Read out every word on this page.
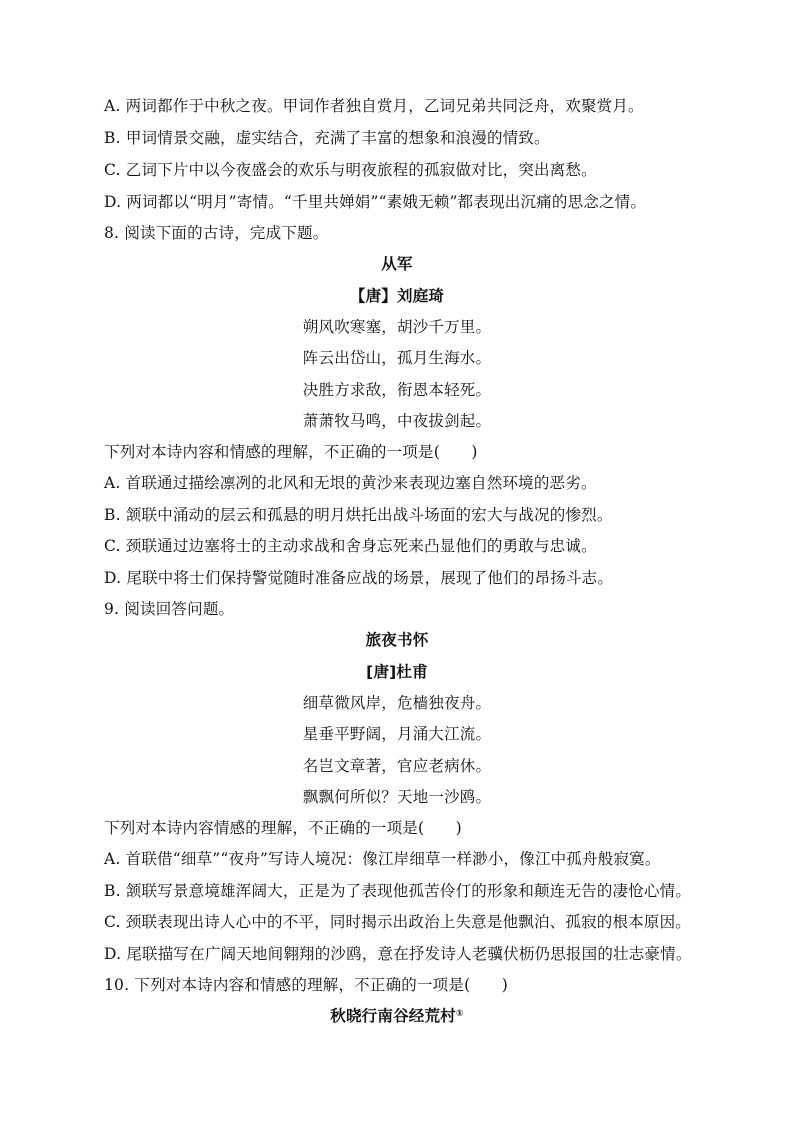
A. 两词都作于中秋之夜。甲词作者独自赏月，乙词兄弟共同泛舟，欢聚赏月。
B. 甲词情景交融，虚实结合，充满了丰富的想象和浪漫的情致。
C. 乙词下片中以今夜盛会的欢乐与明夜旅程的孤寂做对比，突出离愁。
D. 两词都以“明月”寄情。“千里共婵娟”“素娥无赖”都表现出沉痛的思念之情。
8. 阅读下面的古诗，完成下题。
从军
【唐】刘庭琦
朔风吹寒塞，胡沙千万里。
阵云出岱山，孤月生海水。
决胜方求敌，衔恩本轻死。
萧萧牧马鸣，中夜拔剑起。
下列对本诗内容和情感的理解，不正确的一项是(　　)
A. 首联通过描绘凛冽的北风和无垠的黄沙来表现边塞自然环境的恶劣。
B. 颔联中涌动的层云和孤悬的明月烘托出战斗场面的宏大与战况的惨烈。
C. 颈联通过边塞将士的主动求战和舍身忘死来凸显他们的勇敢与忠诚。
D. 尾联中将士们保持警觉随时准备应战的场景，展现了他们的昂扬斗志。
9. 阅读回答问题。
旅夜书怀
[唐]杜甫
细草微风岸，危樯独夜舟。
星垂平野阔，月涌大江流。
名岂文章著，官应老病休。
飘飘何所似？天地一沙鸥。
下列对本诗内容情感的理解，不正确的一项是(　　)
A. 首联借“细草”“夜舟”写诗人境况：像江岸细草一样渺小，像江中孤舟般寂寞。
B. 颔联写景意境雄浑阔大，正是为了表现他孤苦伶仃的形象和颠连无告的凄怆心情。
C. 颈联表现出诗人心中的不平，同时揭示出政治上失意是他飘泊、孤寂的根本原因。
D. 尾联描写在广阔天地间翱翔的沙鸥，意在抒发诗人老骥伏枥仍思报国的壮志豪情。
10. 下列对本诗内容和情感的理解，不正确的一项是(　　)
秋晓行南谷经荒村①
